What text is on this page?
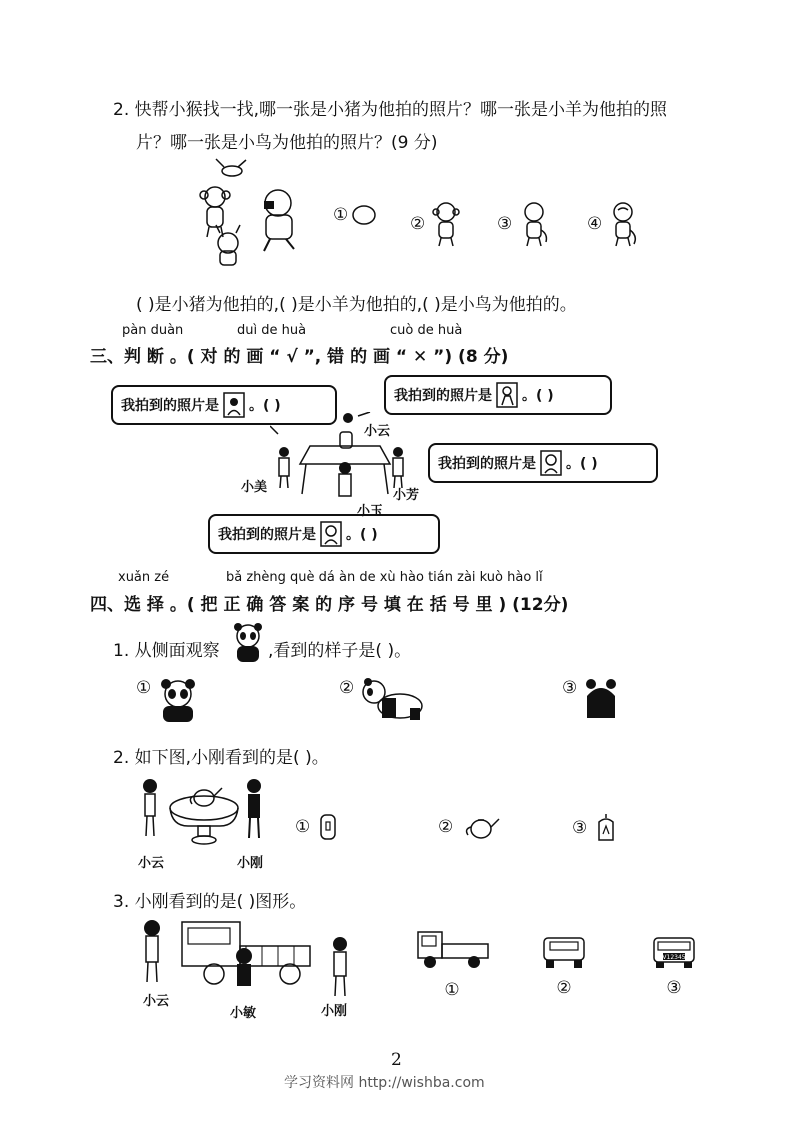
2. 快帮小猴找一找,哪一张是小猪为他拍的照片？哪一张是小羊为他拍的照
片？哪一张是小鸟为他拍的照片？(9 分)
①	②	③	④
( )是小猪为他拍的,( )是小羊为他拍的,( )是小鸟为他拍的。
pàn duàn	duì de huà	cuò de huà
三、判 断 。( 对 的 画 “ √ ”, 错 的 画 “ ✕ ”) (8 分)
我拍到的照片是 。( )
我拍到的照片是 。( )
我拍到的照片是 。( )
我拍到的照片是 。( )
小云
小美
小芳
小玉
xuǎn zé	bǎ zhèng què dá àn de xù hào tián zài kuò hào lǐ
四、选 择 。( 把 正 确 答 案 的 序 号 填 在 括 号 里 ) (12分)
1. 从侧面观察	,看到的样子是( )。
①	②	③
2. 如下图,小刚看到的是( )。
小云	小刚
①	②	③
3. 小刚看到的是( )图形。
小云
小敏	小刚
①	②
V12345
③
2
学习资料网 http://wishba.com
